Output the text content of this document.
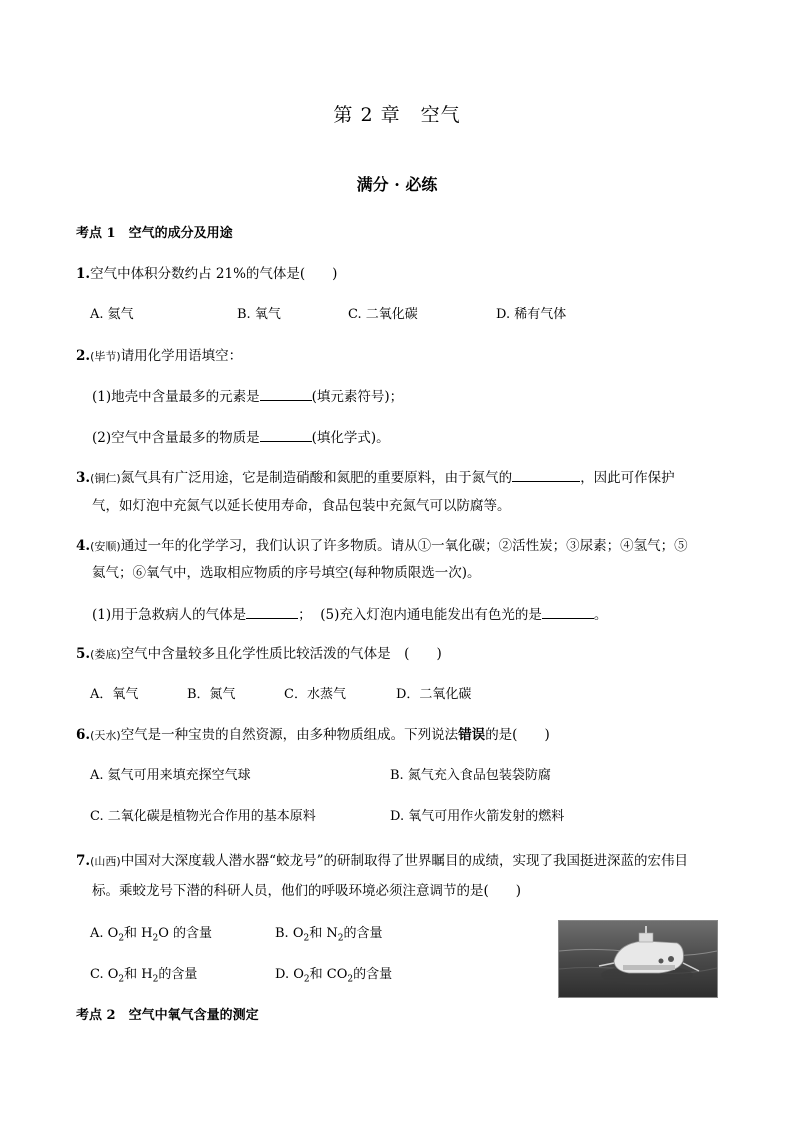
第 2 章　空气
满分 · 必练
考点 1　空气的成分及用途
1.空气中体积分数约占 21%的气体是(　　)
A. 氦气	B. 氧气	C. 二氧化碳	D. 稀有气体
2.(毕节)请用化学用语填空：
(1)地壳中含量最多的元素是	(填元素符号)；
(2)空气中含量最多的物质是	(填化学式)。
3.(铜仁)氮气具有广泛用途，它是制造硝酸和氮肥的重要原料，由于氮气的	，因此可作保护
气，如灯泡中充氮气以延长使用寿命，食品包装中充氮气可以防腐等。
4.(安顺)通过一年的化学学习，我们认识了许多物质。请从①一氧化碳；②活性炭；③尿素；④氢气；⑤
氦气；⑥氧气中，选取相应物质的序号填空(每种物质限选一次)。
(1)用于急救病人的气体是	； (5)充入灯泡内通电能发出有色光的是	。
5.(娄底)空气中含量较多且化学性质比较活泼的气体是　(　　)
A．氧气	B．氮气	C．水蒸气	D．二氧化碳
6.(天水)空气是一种宝贵的自然资源，由多种物质组成。下列说法错误的是(　　)
A. 氦气可用来填充探空气球	B. 氮气充入食品包装袋防腐
C. 二氧化碳是植物光合作用的基本原料	D. 氧气可用作火箭发射的燃料
7.(山西)中国对大深度载人潜水器“蛟龙号”的研制取得了世界瞩目的成绩，实现了我国挺进深蓝的宏伟目
标。乘蛟龙号下潜的科研人员，他们的呼吸环境必须注意调节的是(　　)
A. $O_2$和 $H_2O$ 的含量	B. $O_2$和 $N_2$的含量
C. $O_2$和 $H_2$的含量	D. $O_2$和 $CO_2$的含量
考点 2　空气中氧气含量的测定
